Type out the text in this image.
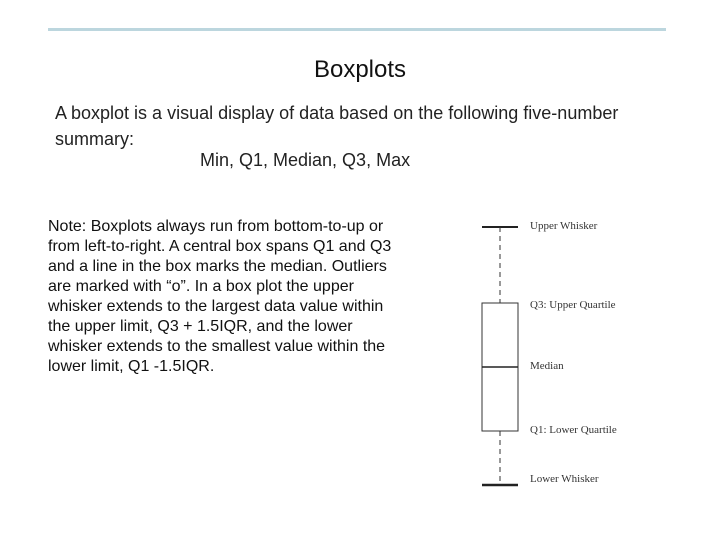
Boxplots
A boxplot is a visual display of data based on the following five-number summary:
Min, Q1, Median, Q3, Max
Note: Boxplots always run from bottom-to-up or from left-to-right. A central box spans Q1 and Q3 and a line in the box marks the median. Outliers are marked with “o”. In a box plot the upper whisker extends to the largest data value within the upper limit, Q3 + 1.5IQR, and the lower whisker extends to the smallest value within the lower limit, Q1 -1.5IQR.
Upper Whisker
Q3: Upper Quartile
Median
Q1: Lower Quartile
Lower Whisker
